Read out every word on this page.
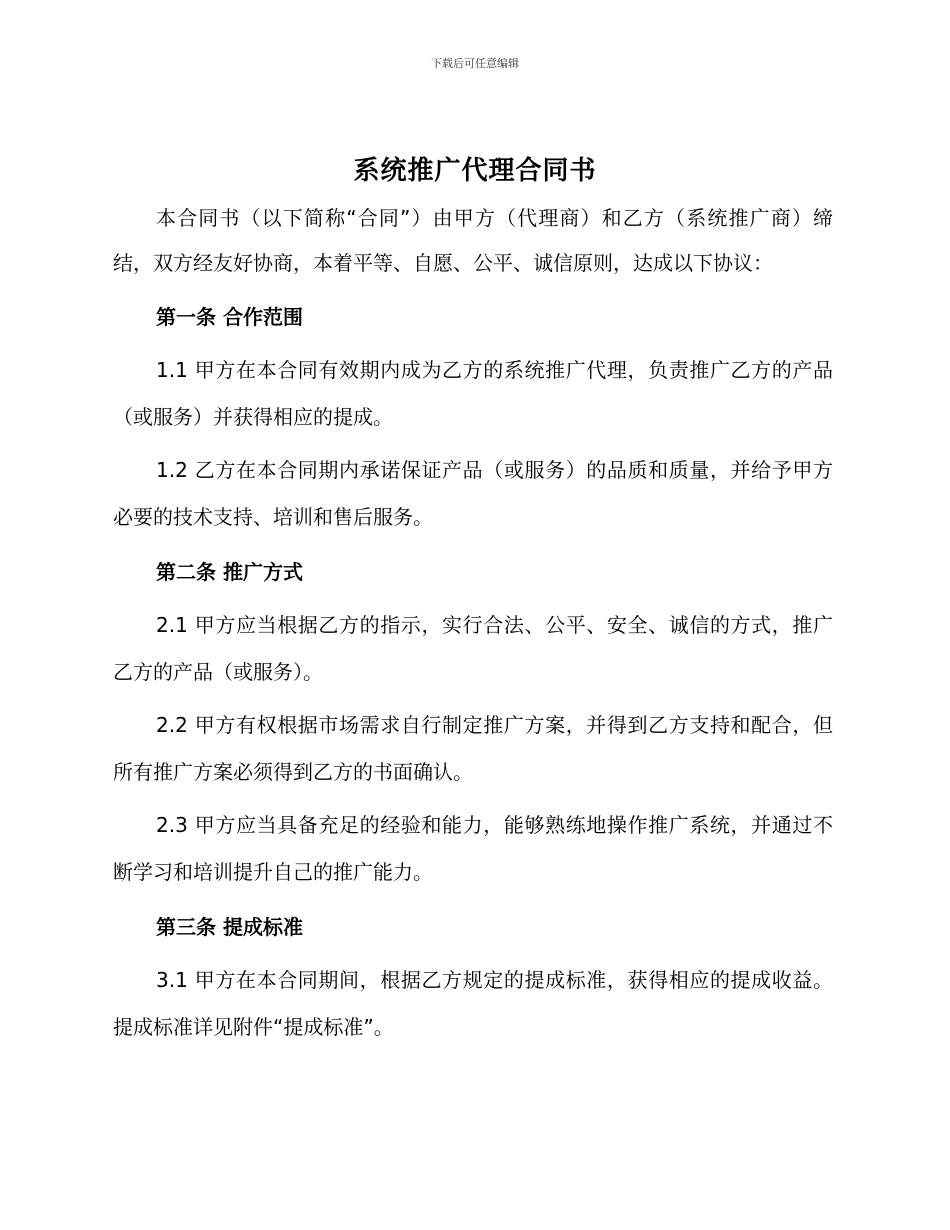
下载后可任意编辑
系统推广代理合同书

本合同书（以下简称“合同”）由甲方（代理商）和乙方（系统推广商）缔结，双方经友好协商，本着平等、自愿、公平、诚信原则，达成以下协议：

第一条 合作范围

1.1 甲方在本合同有效期内成为乙方的系统推广代理，负责推广乙方的产品（或服务）并获得相应的提成。

1.2 乙方在本合同期内承诺保证产品（或服务）的品质和质量，并给予甲方必要的技术支持、培训和售后服务。

第二条 推广方式

2.1 甲方应当根据乙方的指示，实行合法、公平、安全、诚信的方式，推广乙方的产品（或服务）。

2.2 甲方有权根据市场需求自行制定推广方案，并得到乙方支持和配合，但所有推广方案必须得到乙方的书面确认。

2.3 甲方应当具备充足的经验和能力，能够熟练地操作推广系统，并通过不断学习和培训提升自己的推广能力。

第三条 提成标准

3.1 甲方在本合同期间，根据乙方规定的提成标准，获得相应的提成收益。提成标准详见附件“提成标准”。
